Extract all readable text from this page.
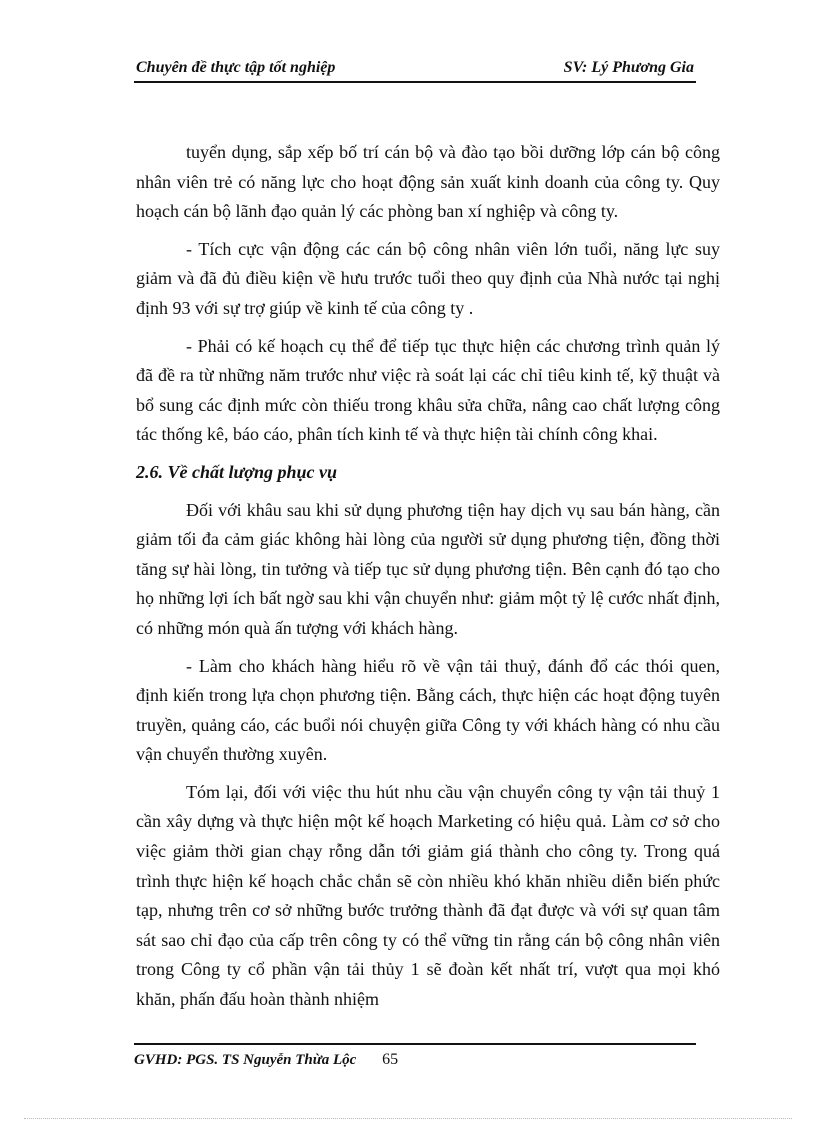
Chuyên đề thực tập tốt nghiệp	SV: Lý Phương Gia

tuyển dụng, sắp xếp bố trí cán bộ và đào tạo bồi dưỡng lớp cán bộ công nhân viên trẻ có năng lực cho hoạt động sản xuất kinh doanh của công ty. Quy hoạch cán bộ lãnh đạo quản lý các phòng ban xí nghiệp và công ty.

- Tích cực vận động các cán bộ công nhân viên lớn tuổi, năng lực suy giảm và đã đủ điều kiện về hưu trước tuổi theo quy định của Nhà nước tại nghị định 93 với sự trợ giúp về kinh tế của công ty .

- Phải có kế hoạch cụ thể để tiếp tục thực hiện các chương trình quản lý đã đề ra từ những năm trước như việc rà soát lại các chỉ tiêu kinh tế, kỹ thuật và bổ sung các định mức còn thiếu trong khâu sửa chữa, nâng cao chất lượng công tác thống kê, báo cáo, phân tích kinh tế và thực hiện tài chính công khai.

2.6. Về chất lượng phục vụ

Đối với khâu sau khi sử dụng phương tiện hay dịch vụ sau bán hàng, cần giảm tối đa cảm giác không hài lòng của người sử dụng phương tiện, đồng thời tăng sự hài lòng, tin tưởng và tiếp tục sử dụng phương tiện. Bên cạnh đó tạo cho họ những lợi ích bất ngờ sau khi vận chuyển như: giảm một tỷ lệ cước nhất định, có những món quà ấn tượng với khách hàng.

- Làm cho khách hàng hiểu rõ về vận tải thuỷ, đánh đổ các thói quen, định kiến trong lựa chọn phương tiện. Bằng cách, thực hiện các hoạt động tuyên truyền, quảng cáo, các buổi nói chuyện giữa Công ty với khách hàng có nhu cầu vận chuyển thường xuyên.

Tóm lại, đối với việc thu hút nhu cầu vận chuyển công ty vận tải thuỷ 1 cần xây dựng và thực hiện một kế hoạch Marketing có hiệu quả. Làm cơ sở cho việc giảm thời gian chạy rỗng dẫn tới giảm giá thành cho công ty. Trong quá trình thực hiện kế hoạch chắc chắn sẽ còn nhiều khó khăn nhiều diễn biến phức tạp, nhưng trên cơ sở những bước trưởng thành đã đạt được và với sự quan tâm sát sao chỉ đạo của cấp trên công ty có thể vững tin rằng cán bộ công nhân viên trong Công ty cổ phần vận tải thủy 1 sẽ đoàn kết nhất trí, vượt qua mọi khó khăn, phấn đấu hoàn thành nhiệm

GVHD: PGS. TS Nguyễn Thừa Lộc 65
